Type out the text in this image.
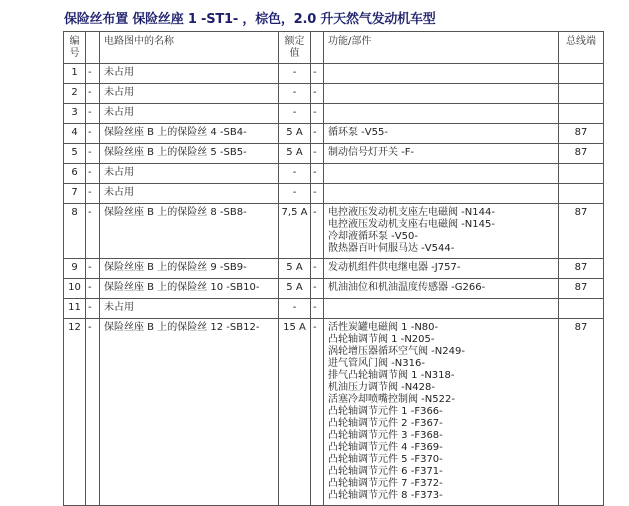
保险丝布置 保险丝座 1 -ST1- ，棕色，2.0 升天然气发动机车型
编号		电路图中的名称	额定值		功能/部件	总线端
1	-	未占用	-	-		
2	-	未占用	-	-		
3	-	未占用	-	-		
4	-	保险丝座 B 上的保险丝 4 -SB4-	5 A	-	循环泵 -V55-	87
5	-	保险丝座 B 上的保险丝 5 -SB5-	5 A	-	制动信号灯开关 -F-	87
6	-	未占用	-	-		
7	-	未占用	-	-		
8	-	保险丝座 B 上的保险丝 8 -SB8-	7,5 A	-	电控液压发动机支座左电磁阀 -N144-
电控液压发动机支座右电磁阀 -N145-
冷却液循环泵 -V50-
散热器百叶伺服马达 -V544-	87
9	-	保险丝座 B 上的保险丝 9 -SB9-	5 A	-	发动机组件供电继电器 -J757-	87
10	-	保险丝座 B 上的保险丝 10 -SB10-	5 A	-	机油油位和机油温度传感器 -G266-	87
11	-	未占用	-	-		
12	-	保险丝座 B 上的保险丝 12 -SB12-	15 A	-	活性炭罐电磁阀 1 -N80-
凸轮轴调节阀 1 -N205-
涡轮增压器循环空气阀 -N249-
进气管风门阀 -N316-
排气凸轮轴调节阀 1 -N318-
机油压力调节阀 -N428-
活塞冷却喷嘴控制阀 -N522-
凸轮轴调节元件 1 -F366-
凸轮轴调节元件 2 -F367-
凸轮轴调节元件 3 -F368-
凸轮轴调节元件 4 -F369-
凸轮轴调节元件 5 -F370-
凸轮轴调节元件 6 -F371-
凸轮轴调节元件 7 -F372-
凸轮轴调节元件 8 -F373-
	87
